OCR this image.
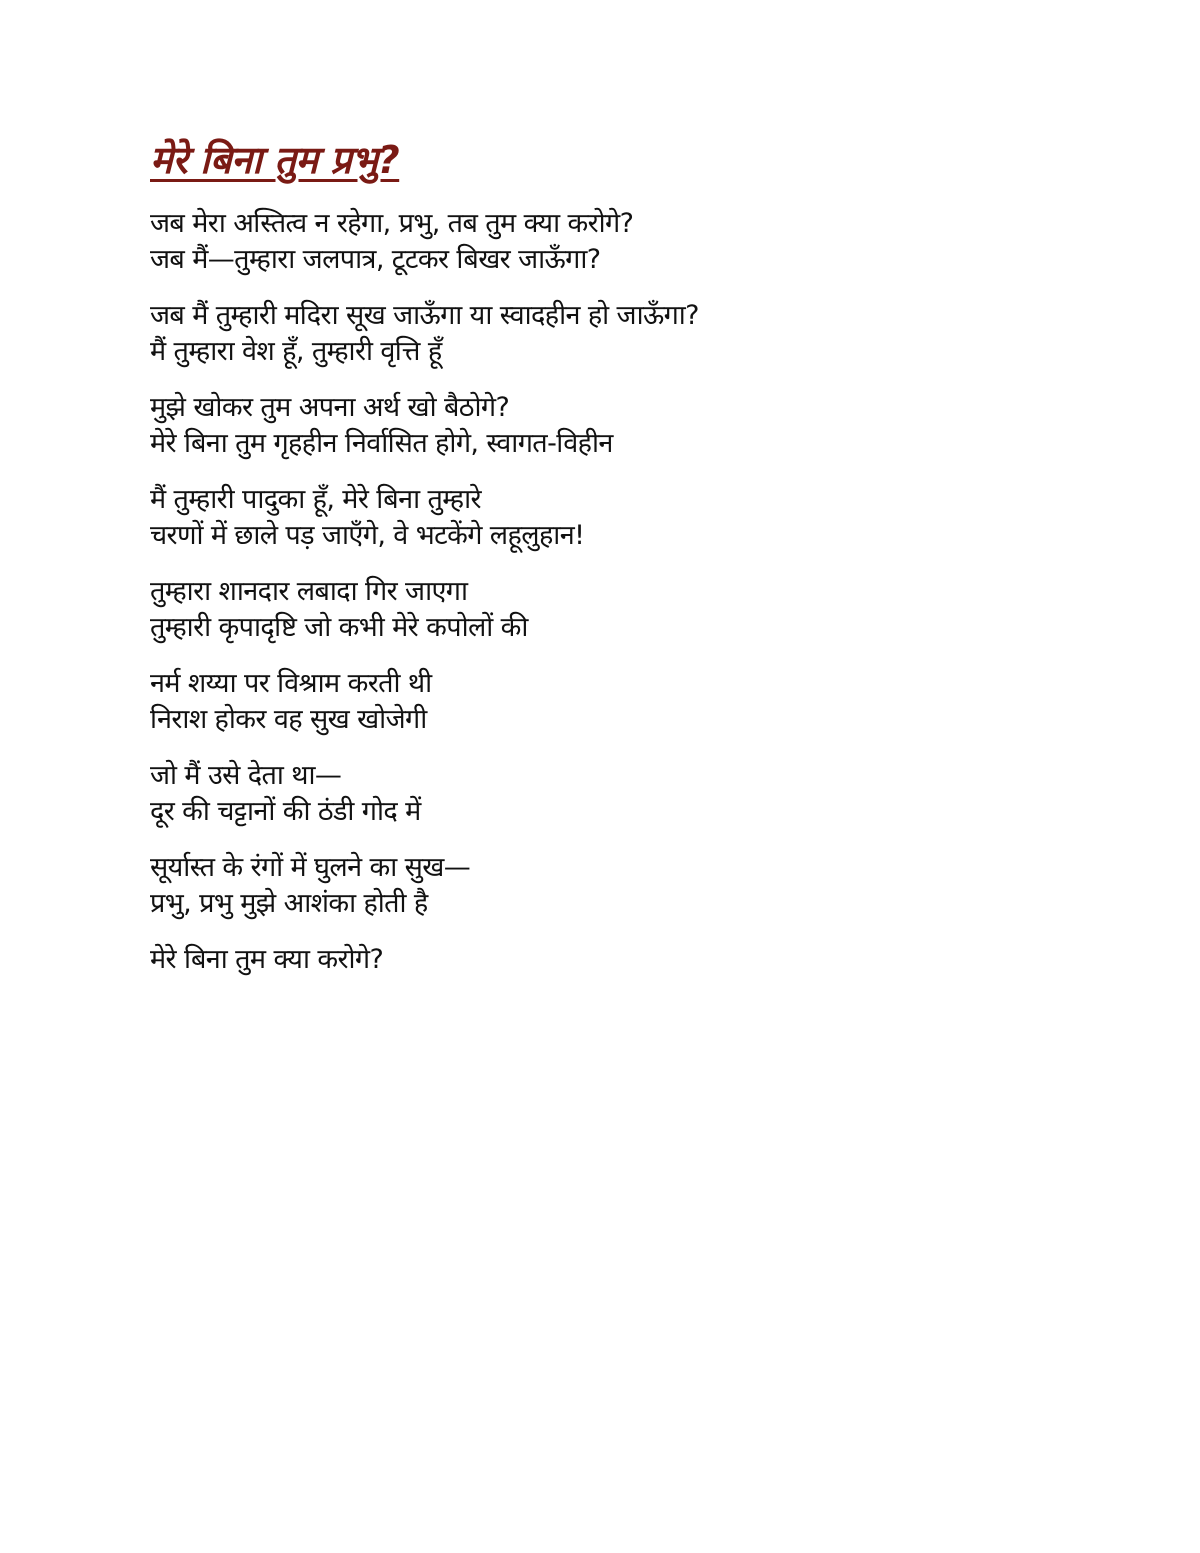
मेरे बिना तुम प्रभु?
जब मेरा अस्तित्व न रहेगा, प्रभु, तब तुम क्या करोगे?
जब मैं—तुम्हारा जलपात्र, टूटकर बिखर जाऊँगा?
जब मैं तुम्हारी मदिरा सूख जाऊँगा या स्वादहीन हो जाऊँगा?
मैं तुम्हारा वेश हूँ, तुम्हारी वृत्ति हूँ
मुझे खोकर तुम अपना अर्थ खो बैठोगे?
मेरे बिना तुम गृहहीन निर्वासित होगे, स्वागत-विहीन
मैं तुम्हारी पादुका हूँ, मेरे बिना तुम्हारे
चरणों में छाले पड़ जाएँगे, वे भटकेंगे लहूलुहान!
तुम्हारा शानदार लबादा गिर जाएगा
तुम्हारी कृपादृष्टि जो कभी मेरे कपोलों की
नर्म शय्या पर विश्राम करती थी
निराश होकर वह सुख खोजेगी
जो मैं उसे देता था—
दूर की चट्टानों की ठंडी गोद में
सूर्यास्त के रंगों में घुलने का सुख—
प्रभु, प्रभु मुझे आशंका होती है
मेरे बिना तुम क्या करोगे?
